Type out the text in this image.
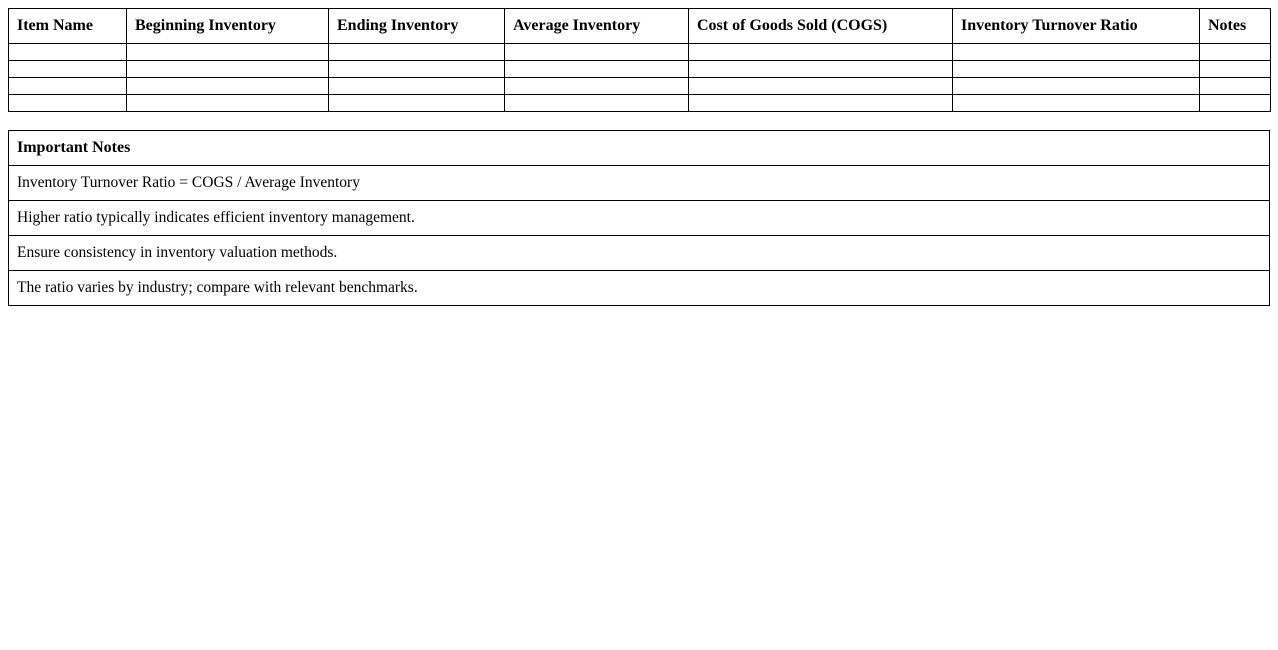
Item Name	Beginning Inventory	Ending Inventory	Average Inventory	Cost of Goods Sold (COGS)	Inventory Turnover Ratio	Notes

Important Notes
Inventory Turnover Ratio = COGS / Average Inventory
Higher ratio typically indicates efficient inventory management.
Ensure consistency in inventory valuation methods.
The ratio varies by industry; compare with relevant benchmarks.
